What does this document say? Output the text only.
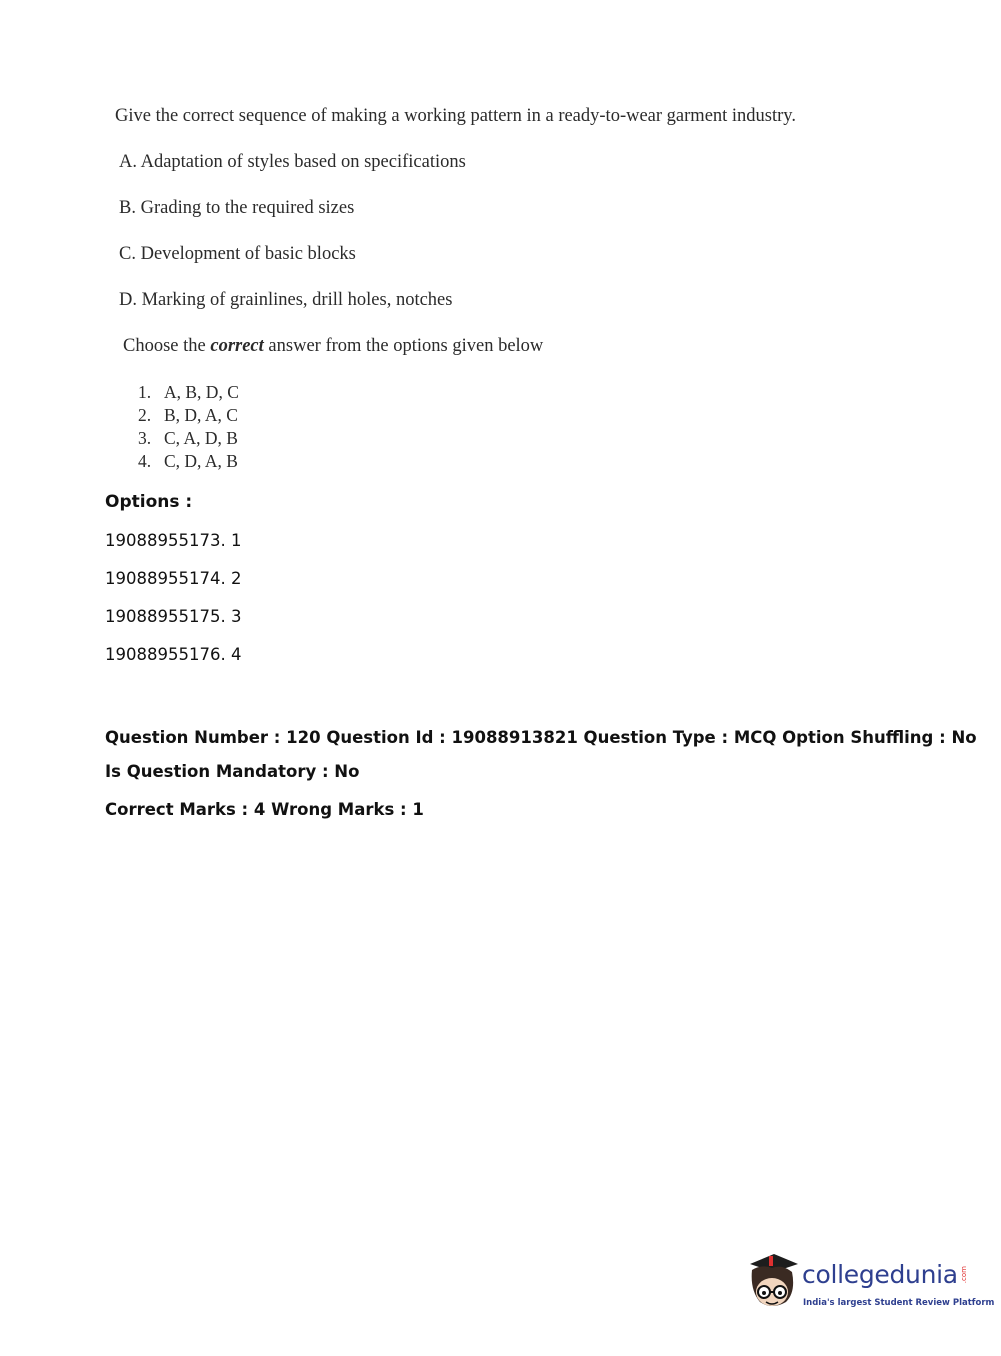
Give the correct sequence of making a working pattern in a ready-to-wear garment industry.
A. Adaptation of styles based on specifications
B. Grading to the required sizes
C. Development of basic blocks
D. Marking of grainlines, drill holes, notches
Choose the correct answer from the options given below
1. A, B, D, C
2. B, D, A, C
3. C, A, D, B
4. C, D, A, B
Options :
19088955173. 1
19088955174. 2
19088955175. 3
19088955176. 4
Question Number : 120 Question Id : 19088913821 Question Type : MCQ Option Shuffling : No
Is Question Mandatory : No
Correct Marks : 4 Wrong Marks : 1
collegedunia .com
India's largest Student Review Platform
